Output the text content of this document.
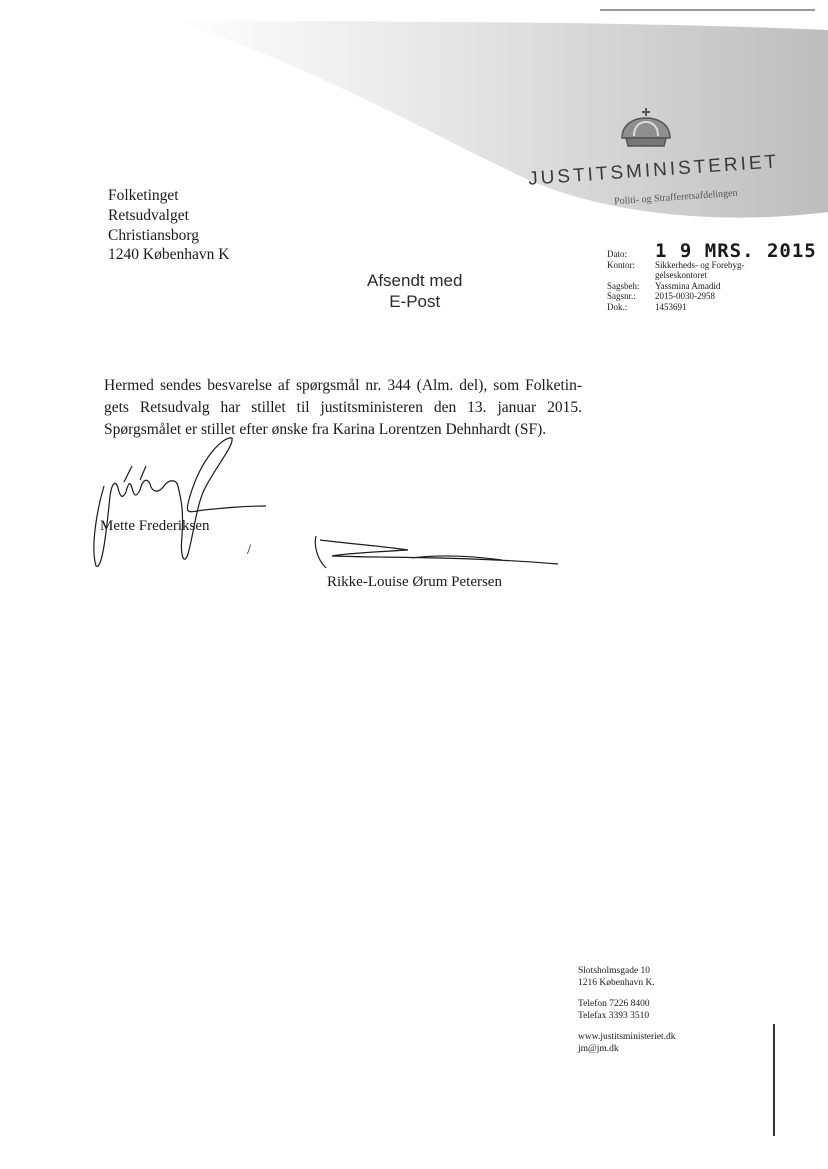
JUSTITSMINISTERIET
Politi- og Strafferetsafdelingen
Folketinget
Retsudvalget
Christiansborg
1240 København K
Afsendt med
E-Post
Dato:	1 9 MRS. 2015
Kontor:	Sikkerheds- og Forebyg-
gelseskontoret
Sagsbeh:	Yassmina Amadid
Sagsnr.:	2015-0030-2958
Dok.:	1453691
Hermed sendes besvarelse af spørgsmål nr. 344 (Alm. del), som Folketin-
gets Retsudvalg har stillet til justitsministeren den 13. januar 2015.
Spørgsmålet er stillet efter ønske fra Karina Lorentzen Dehnhardt (SF).
Mette Frederiksen
/
Rikke-Louise Ørum Petersen
Slotsholmsgade 10
1216 København K.
Telefon 7226 8400
Telefax 3393 3510
www.justitsministeriet.dk
jm@jm.dk
